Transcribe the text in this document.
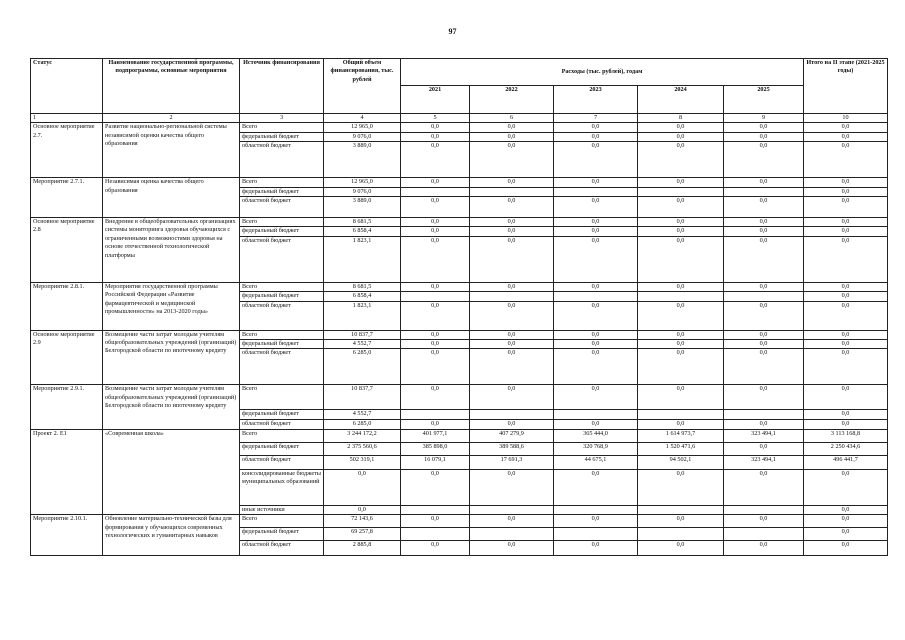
97
Статус	Наименование государственной программы, подпрограммы, основные мероприятия	Источник финансирования	Общий объем финансирования, тыс. рублей	Расходы (тыс. рублей), годам					Итого на II этапе (2021-2025 годы)
				2021	2022	2023	2024	2025	
1	2	3	4	5	6	7	8	9	10
Основное мероприятие 2.7.	Развитие национально-региональной системы независимой оценки качества общего образования	Всего	12 965,0	0,0	0,0	0,0	0,0	0,0	0,0
		федеральный бюджет	9 076,0	0,0	0,0	0,0	0,0	0,0	0,0
		областной бюджет	3 889,0	0,0	0,0	0,0	0,0	0,0	0,0
Мероприятие 2.7.1.	Независимая оценка качества общего образования	Всего	12 965,0	0,0	0,0	0,0	0,0	0,0	0,0
		федеральный бюджет	9 076,0						0,0
		областной бюджет	3 889,0	0,0	0,0	0,0	0,0	0,0	0,0
Основное мероприятие 2.8	Внедрение в общеобразовательных организациях системы мониторинга здоровья обучающихся с ограниченными возможностями здоровья на основе отечественной технологической платформы	Всего	8 681,5	0,0	0,0	0,0	0,0	0,0	0,0
		федеральный бюджет	6 858,4	0,0	0,0	0,0	0,0	0,0	0,0
		областной бюджет	1 823,1	0,0	0,0	0,0	0,0	0,0	0,0
Мероприятие 2.8.1.	Мероприятия государственной программы Российской Федерации «Развитие фармацевтической и медицинской промышленности» на 2013-2020 годы»	Всего	8 681,5	0,0	0,0	0,0	0,0	0,0	0,0
		федеральный бюджет	6 858,4						0,0
		областной бюджет	1 823,1	0,0	0,0	0,0	0,0	0,0	0,0
Основное мероприятие 2.9	Возмещение части затрат молодым учителям общеобразовательных учреждений (организаций) Белгородской области по ипотечному кредиту	Всего	10 837,7	0,0	0,0	0,0	0,0	0,0	0,0
		федеральный бюджет	4 552,7	0,0	0,0	0,0	0,0	0,0	0,0
		областной бюджет	6 285,0	0,0	0,0	0,0	0,0	0,0	0,0
Мероприятие 2.9.1.	Возмещение части затрат молодым учителям общеобразовательных учреждений (организаций) Белгородской области по ипотечному кредиту	Всего	10 837,7	0,0	0,0	0,0	0,0	0,0	0,0
		федеральный бюджет	4 552,7						0,0
		областной бюджет	6 285,0	0,0	0,0	0,0	0,0	0,0	0,0
Проект 2. Е1	«Современная школа»	Всего	3 244 172,2	401 977,1	407 279,9	365 444,0	1 614 973,7	323 494,1	3 113 168,8
		федеральный бюджет	2 375 560,6	385 898,0	389 588,6	320 768,9	1 520 471,6	0,0	2 250 434,6
		областной бюджет	502 319,1	16 079,1	17 691,3	44 675,1	94 502,1	323 494,1	496 441,7
		консолидированные бюджеты муниципальных образований	0,0	0,0	0,0	0,0	0,0	0,0	0,0
		иные источники	0,0						0,0
Мероприятие 2.10.1.	Обновление материально-технической базы для формирования у обучающихся современных технологических и гуманитарных навыков	Всего	72 143,6	0,0	0,0	0,0	0,0	0,0	0,0
		федеральный бюджет	69 257,8						0,0
		областной бюджет	2 885,8	0,0	0,0	0,0	0,0	0,0	0,0
